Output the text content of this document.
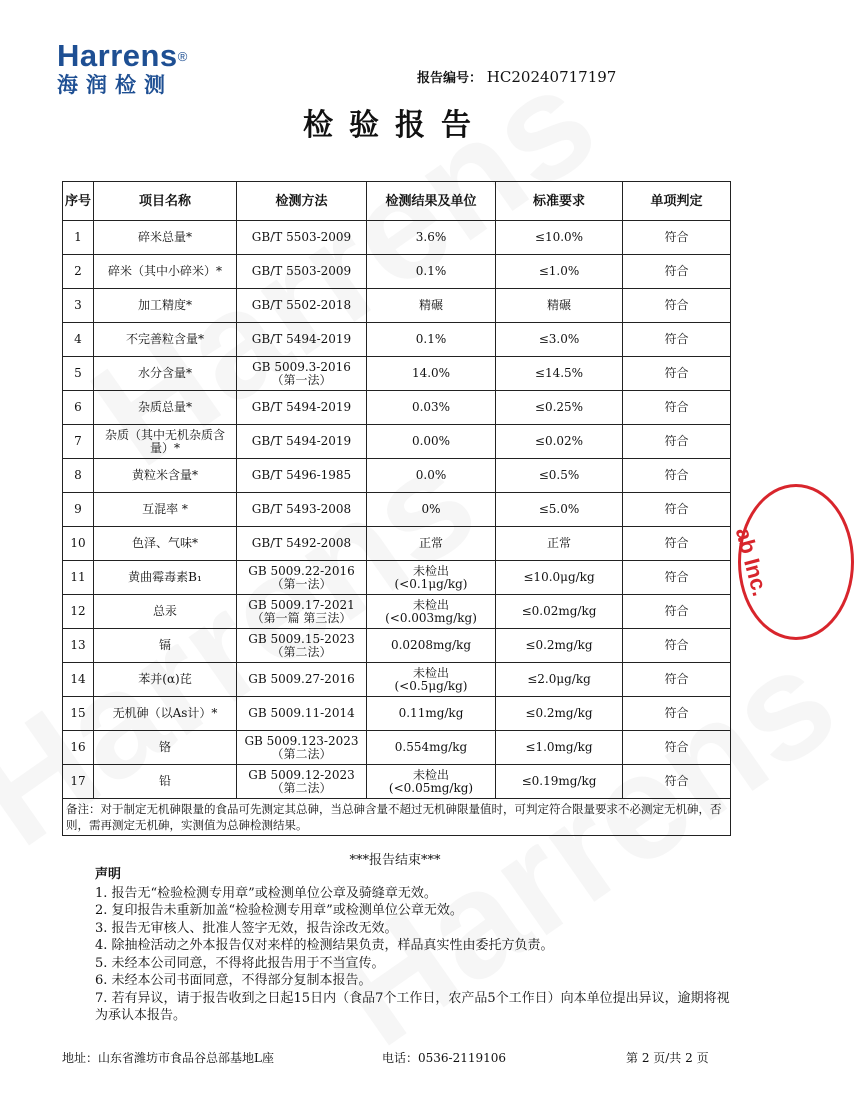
Harrens®
海润检测	报告编号： HC20240717197
检验报告
序号	项目名称	检测方法	检测结果及单位	标准要求	单项判定
1	碎米总量*	GB/T 5503-2009	3.6%	≤10.0%	符合
2	碎米（其中小碎米）*	GB/T 5503-2009	0.1%	≤1.0%	符合
3	加工精度*	GB/T 5502-2018	精碾	精碾	符合
4	不完善粒含量*	GB/T 5494-2019	0.1%	≤3.0%	符合
5	水分含量*	GB 5009.3-2016
（第一法）	14.0%	≤14.5%	符合
6	杂质总量*	GB/T 5494-2019	0.03%	≤0.25%	符合
7	杂质（其中无机杂质含量）*	GB/T 5494-2019	0.00%	≤0.02%	符合
8	黄粒米含量*	GB/T 5496-1985	0.0%	≤0.5%	符合
9	互混率 *	GB/T 5493-2008	0%	≤5.0%	符合
10	色泽、气味*	GB/T 5492-2008	正常	正常	符合
11	黄曲霉毒素B₁	GB 5009.22-2016
（第一法）	未检出
(<0.1μg/kg)	≤10.0μg/kg	符合
12	总汞	GB 5009.17-2021
（第一篇 第三法）	未检出
(<0.003mg/kg)	≤0.02mg/kg	符合
13	镉	GB 5009.15-2023
（第二法）	0.0208mg/kg	≤0.2mg/kg	符合
14	苯并(α)芘	GB 5009.27-2016	未检出
(<0.5μg/kg)	≤2.0μg/kg	符合
15	无机砷（以As计）*	GB 5009.11-2014	0.11mg/kg	≤0.2mg/kg	符合
16	铬	GB 5009.123-2023
（第二法）	0.554mg/kg	≤1.0mg/kg	符合
17	铅	GB 5009.12-2023
（第二法）	未检出
(<0.05mg/kg)	≤0.19mg/kg	符合
备注：对于制定无机砷限量的食品可先测定其总砷，当总砷含量不超过无机砷限量值时，可判定符合限量要求不必测定无机砷，否则，需再测定无机砷，实测值为总砷检测结果。					
***报告结束***
声明

1. 报告无“检验检测专用章”或检测单位公章及骑缝章无效。

2. 复印报告未重新加盖“检验检测专用章”或检测单位公章无效。

3. 报告无审核人、批准人签字无效，报告涂改无效。

4. 除抽检活动之外本报告仅对来样的检测结果负责，样品真实性由委托方负责。

5. 未经本公司同意，不得将此报告用于不当宣传。

6. 未经本公司书面同意，不得部分复制本报告。

7. 若有异议，请于报告收到之日起15日内（食品7个工作日，农产品5个工作日）向本单位提出异议，逾期将视为承认本报告。

地址：山东省潍坊市食品谷总部基地L座	电话：0536-2119106	第 2 页/共 2 页
ab Inc.
